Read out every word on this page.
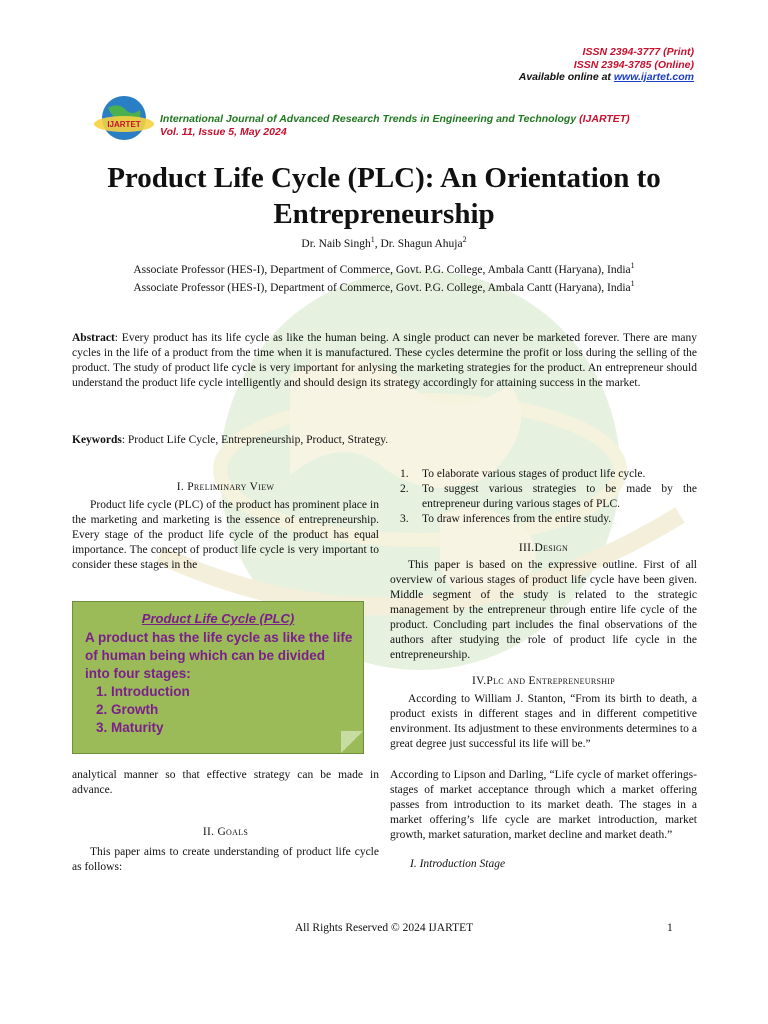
ISSN 2394-3777 (Print)
ISSN 2394-3785 (Online)
Available online at www.ijartet.com
IJARTET International Journal of Advanced Research Trends in Engineering and Technology (IJARTET)
Vol. 11, Issue 5, May 2024
Product Life Cycle (PLC): An Orientation to
Entrepreneurship
Dr. Naib Singh$^1$, Dr. Shagun Ahuja$^2$
Associate Professor (HES-I), Department of Commerce, Govt. P.G. College, Ambala Cantt (Haryana), India$^1$
Associate Professor (HES-I), Department of Commerce, Govt. P.G. College, Ambala Cantt (Haryana), India$^1$
Abstract: Every product has its life cycle as like the human being. A single product can never be marketed forever. There are many cycles in the life of a product from the time when it is manufactured. These cycles determine the profit or loss during the selling of the product. The study of product life cycle is very important for anlysing the marketing strategies for the product. An entrepreneur should understand the product life cycle intelligently and should design its strategy accordingly for attaining success in the market.
Keywords: Product Life Cycle, Entrepreneurship, Product, Strategy.
I. Preliminary View
Product life cycle (PLC) of the product has prominent place in the marketing and marketing is the essence of entrepreneurship. Every stage of the product life cycle of the product has equal importance. The concept of product life cycle is very important to consider these stages in the
Product Life Cycle (PLC)
A product has the life cycle as like the life of human being which can be divided into four stages:
1. Introduction
2. Growth
3. Maturity
analytical manner so that effective strategy can be made in advance.
II. Goals
This paper aims to create understanding of product life cycle as follows:
1.	To elaborate various stages of product life cycle.
2.	To suggest various strategies to be made by the entrepreneur during various stages of PLC.
3.	To draw inferences from the entire study.
III.Design
This paper is based on the expressive outline. First of all overview of various stages of product life cycle have been given. Middle segment of the study is related to the strategic management by the entrepreneur through entire life cycle of the product. Concluding part includes the final observations of the authors after studying the role of product life cycle in the entrepreneurship.
IV.Plc and Entrepreneurship
According to William J. Stanton, “From its birth to death, a product exists in different stages and in different competitive environment. Its adjustment to these environments determines to a great degree just successful its life will be.”
According to Lipson and Darling, “Life cycle of market offerings-stages of market acceptance through which a market offering passes from introduction to its market death. The stages in a market offering’s life cycle are market introduction, market growth, market saturation, market decline and market death.”
I. Introduction Stage
All Rights Reserved © 2024 IJARTET	1
